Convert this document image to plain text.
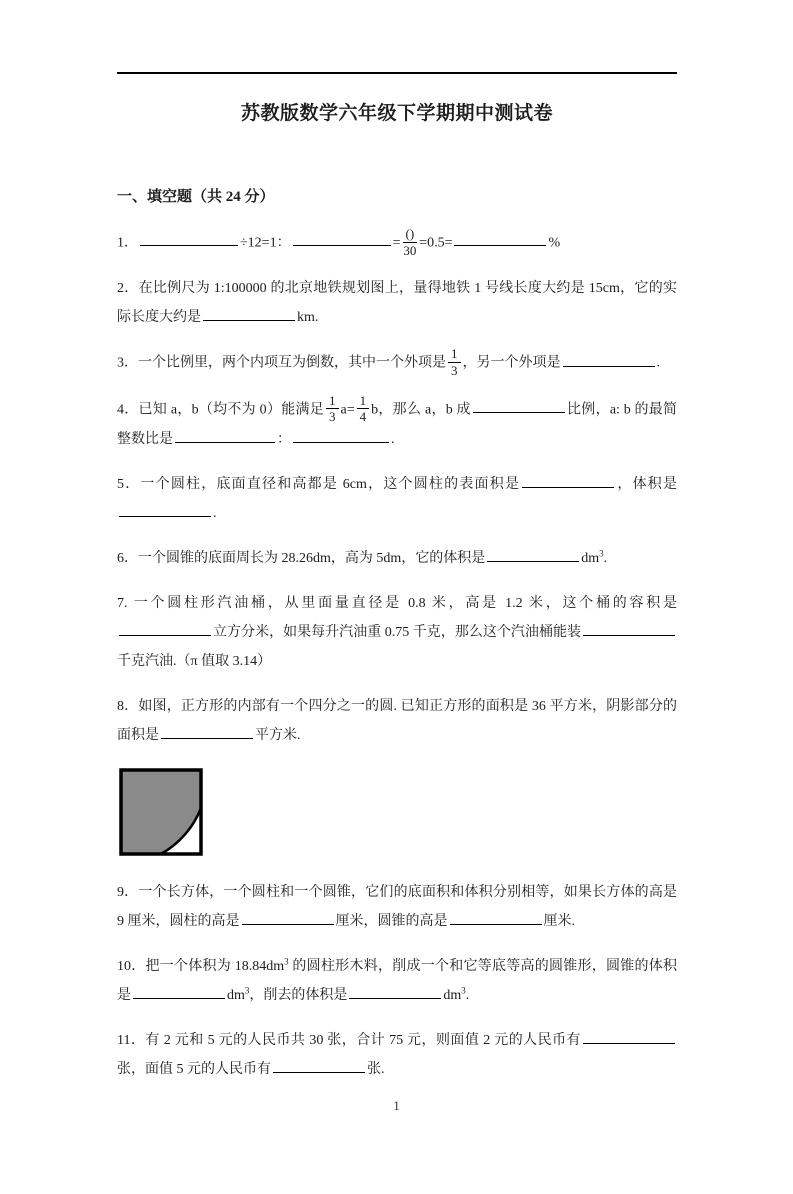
苏教版数学六年级下学期期中测试卷
一、填空题（共 24 分）

1．	÷12=1：	= $\frac{()}{30} =0.5=$	%

2．在比例尺为 1:100000 的北京地铁规划图上，量得地铁 1 号线长度大约是 15cm，它的实际长度大约是	km.

3．一个比例里，两个内项互为倒数，其中一个外项是 $\frac{1}{3}$ ，另一个外项是	.

4．已知 a，b（均不为 0）能满足 $\frac{1}{3} a= \frac{1}{4}$ b，那么 a，b 成	比例，a: b 的最简整数比是	：	.

5．一个圆柱，底面直径和高都是 6cm，这个圆柱的表面积是	，体积是.

6．一个圆锥的底面周长为 28.26dm，高为 5dm，它的体积是	$dm^3$.

7. 一个圆柱形汽油桶，从里面量直径是 0.8 米，高是 1.2 米，这个桶的容积是立方分米，如果每升汽油重 0.75 千克，那么这个汽油桶能装千克汽油.（π 值取 3.14）

8．如图，正方形的内部有一个四分之一的圆. 已知正方形的面积是 36 平方米，阴影部分的面积是	平方米.

9．一个长方体，一个圆柱和一个圆锥，它们的底面积和体积分别相等，如果长方体的高是 9 厘米，圆柱的高是	厘米，圆锥的高是	厘米.

10．把一个体积为 $18.84dm^3$ 的圆柱形木料，削成一个和它等底等高的圆锥形，圆锥的体积是	$dm^3$，削去的体积是	$dm^3$.

11．有 2 元和 5 元的人民币共 30 张，合计 75 元，则面值 2 元的人民币有张，面值 5 元的人民币有	张.

1
